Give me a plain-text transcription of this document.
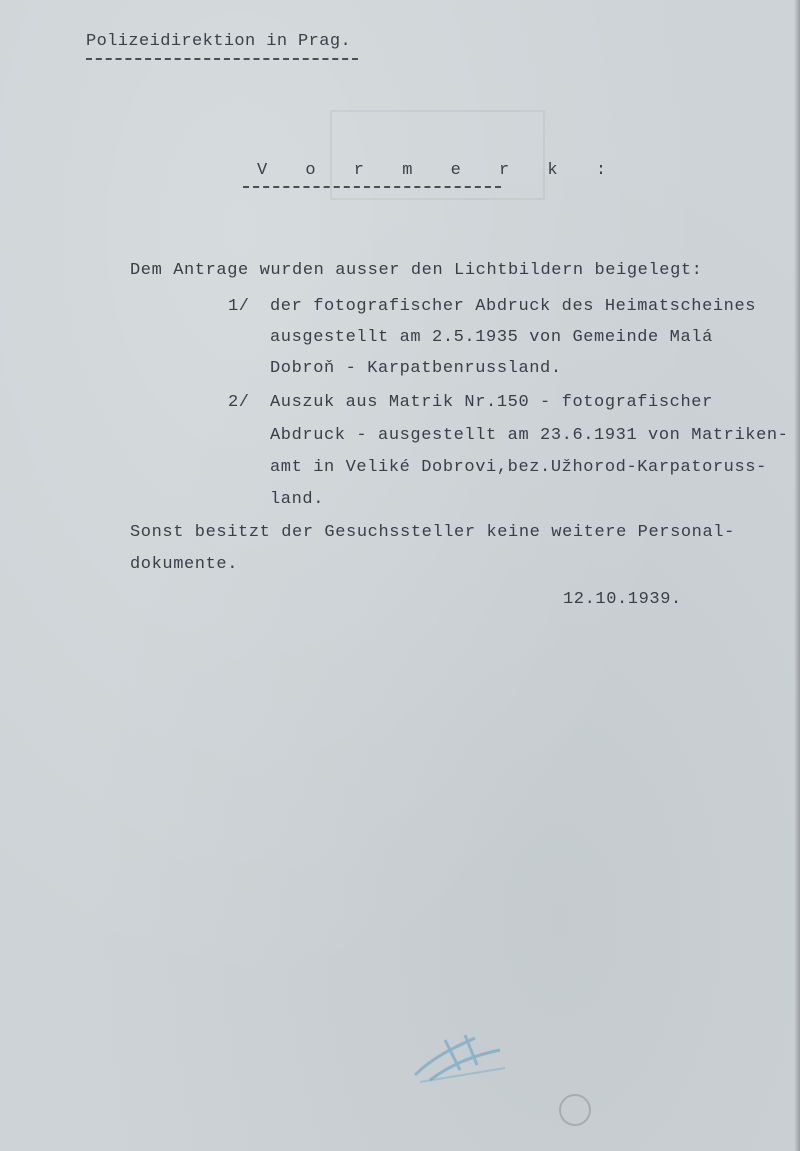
Polizeidirektion in Prag.
V o r m e r k :
Dem Antrage wurden ausser den Lichtbildern beigelegt:
1/ der fotografischer Abdruck des Heimatscheines
ausgestellt am 2.5.1935 von Gemeinde Malá
Dobroň - Karpatbenrussland.
2/ Auszuk aus Matrik Nr.150 - fotografischer
Abdruck - ausgestellt am 23.6.1931 von Matriken-
amt in Veliké Dobrovi,bez.Užhorod-Karpatoruss-
land.
Sonst besitzt der Gesuchssteller keine weitere Personal-
dokumente.
12.10.1939.
